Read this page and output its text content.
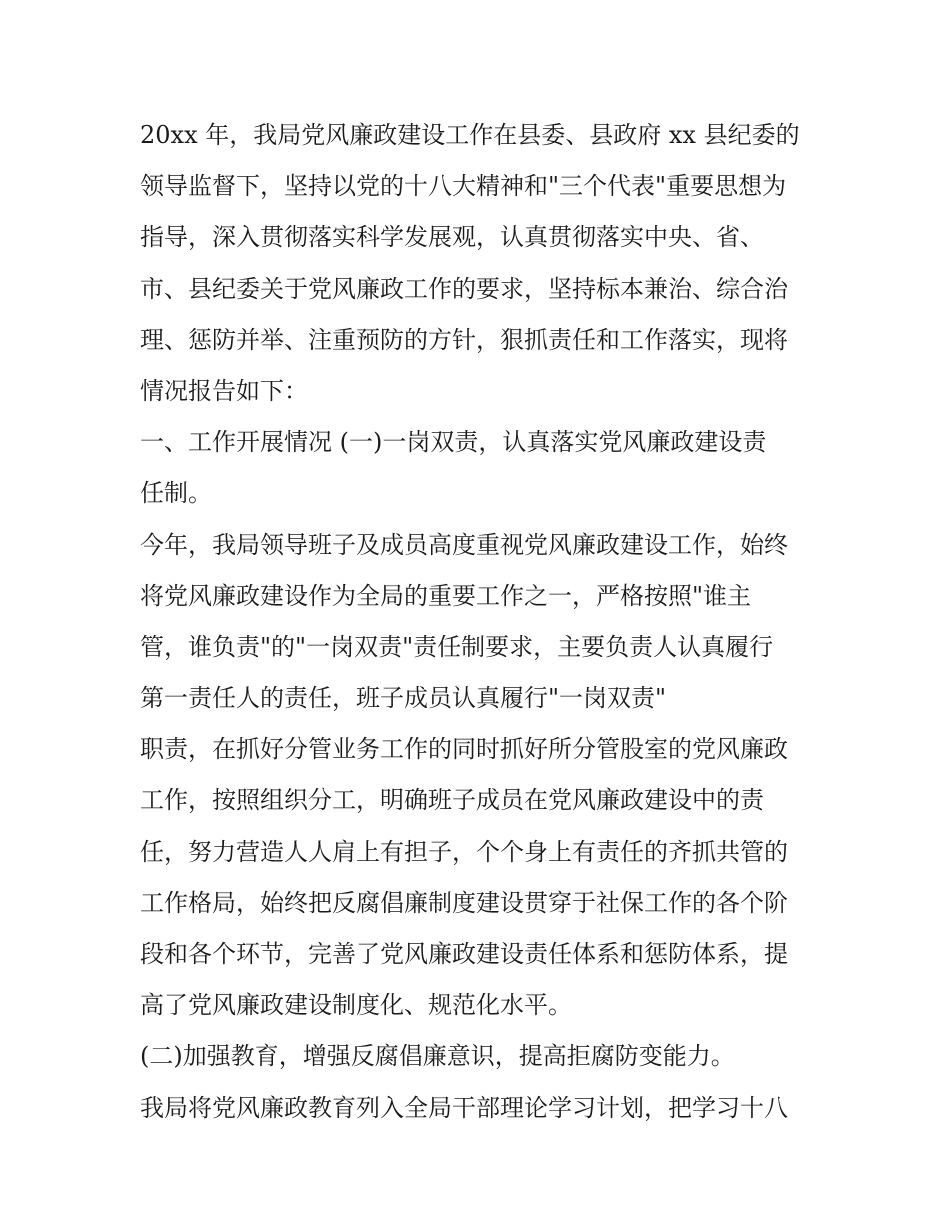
20xx 年，我局党风廉政建设工作在县委、县政府 xx 县纪委的
领导监督下，坚持以党的十八大精神和"三个代表"重要思想为
指导，深入贯彻落实科学发展观，认真贯彻落实中央、省、
市、县纪委关于党风廉政工作的要求，坚持标本兼治、综合治
理、惩防并举、注重预防的方针，狠抓责任和工作落实，现将
情况报告如下：
一、工作开展情况 (一)一岗双责，认真落实党风廉政建设责
任制。
今年，我局领导班子及成员高度重视党风廉政建设工作，始终
将党风廉政建设作为全局的重要工作之一，严格按照"谁主
管，谁负责"的"一岗双责"责任制要求，主要负责人认真履行
第一责任人的责任，班子成员认真履行"一岗双责"
职责，在抓好分管业务工作的同时抓好所分管股室的党风廉政
工作，按照组织分工，明确班子成员在党风廉政建设中的责
任，努力营造人人肩上有担子，个个身上有责任的齐抓共管的
工作格局，始终把反腐倡廉制度建设贯穿于社保工作的各个阶
段和各个环节，完善了党风廉政建设责任体系和惩防体系，提
高了党风廉政建设制度化、规范化水平。
(二)加强教育，增强反腐倡廉意识，提高拒腐防变能力。
我局将党风廉政教育列入全局干部理论学习计划，把学习十八
